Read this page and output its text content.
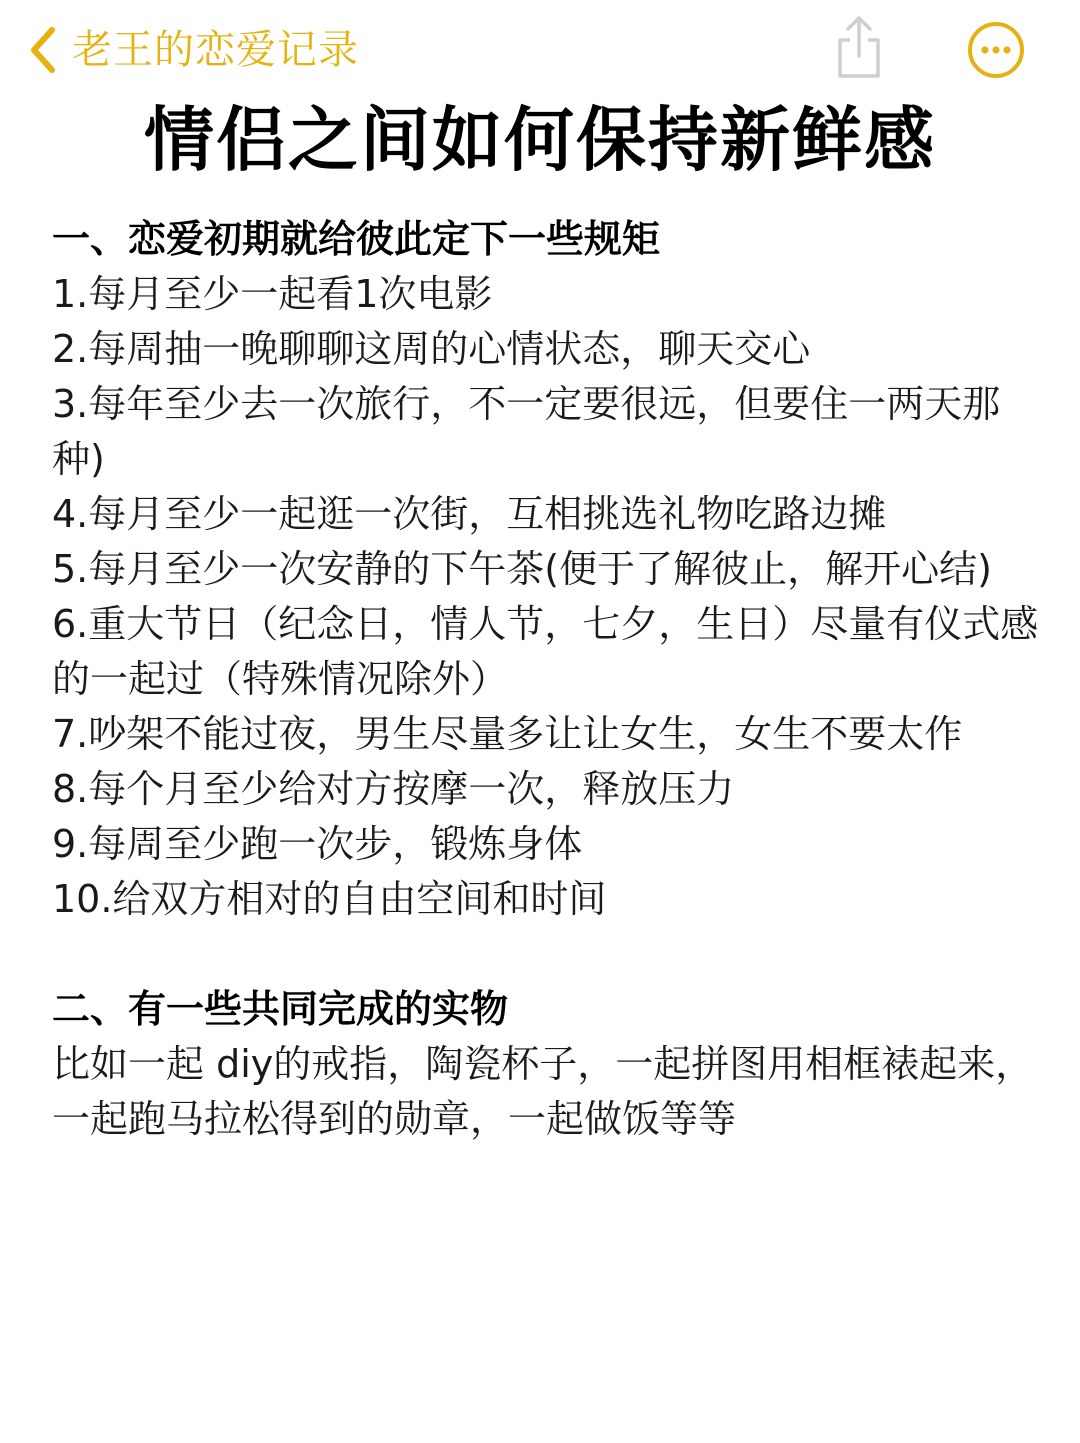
老王的恋爱记录
情侣之间如何保持新鲜感

一、恋爱初期就给彼此定下一些规矩

1.每月至少一起看1次电影

2.每周抽一晚聊聊这周的心情状态，聊天交心

3.每年至少去一次旅行，不一定要很远，但要住一两天那种)

4.每月至少一起逛一次街，互相挑选礼物吃路边摊

5.每月至少一次安静的下午茶(便于了解彼止，解开心结)

6.重大节日（纪念日，情人节，七夕，生日）尽量有仪式感的一起过（特殊情况除外）

7.吵架不能过夜，男生尽量多让让女生，女生不要太作

8.每个月至少给对方按摩一次，释放压力

9.每周至少跑一次步，锻炼身体

10.给双方相对的自由空间和时间

二、有一些共同完成的实物

比如一起 diy的戒指，陶瓷杯子，一起拼图用相框裱起来，一起跑马拉松得到的勋章，一起做饭等等
